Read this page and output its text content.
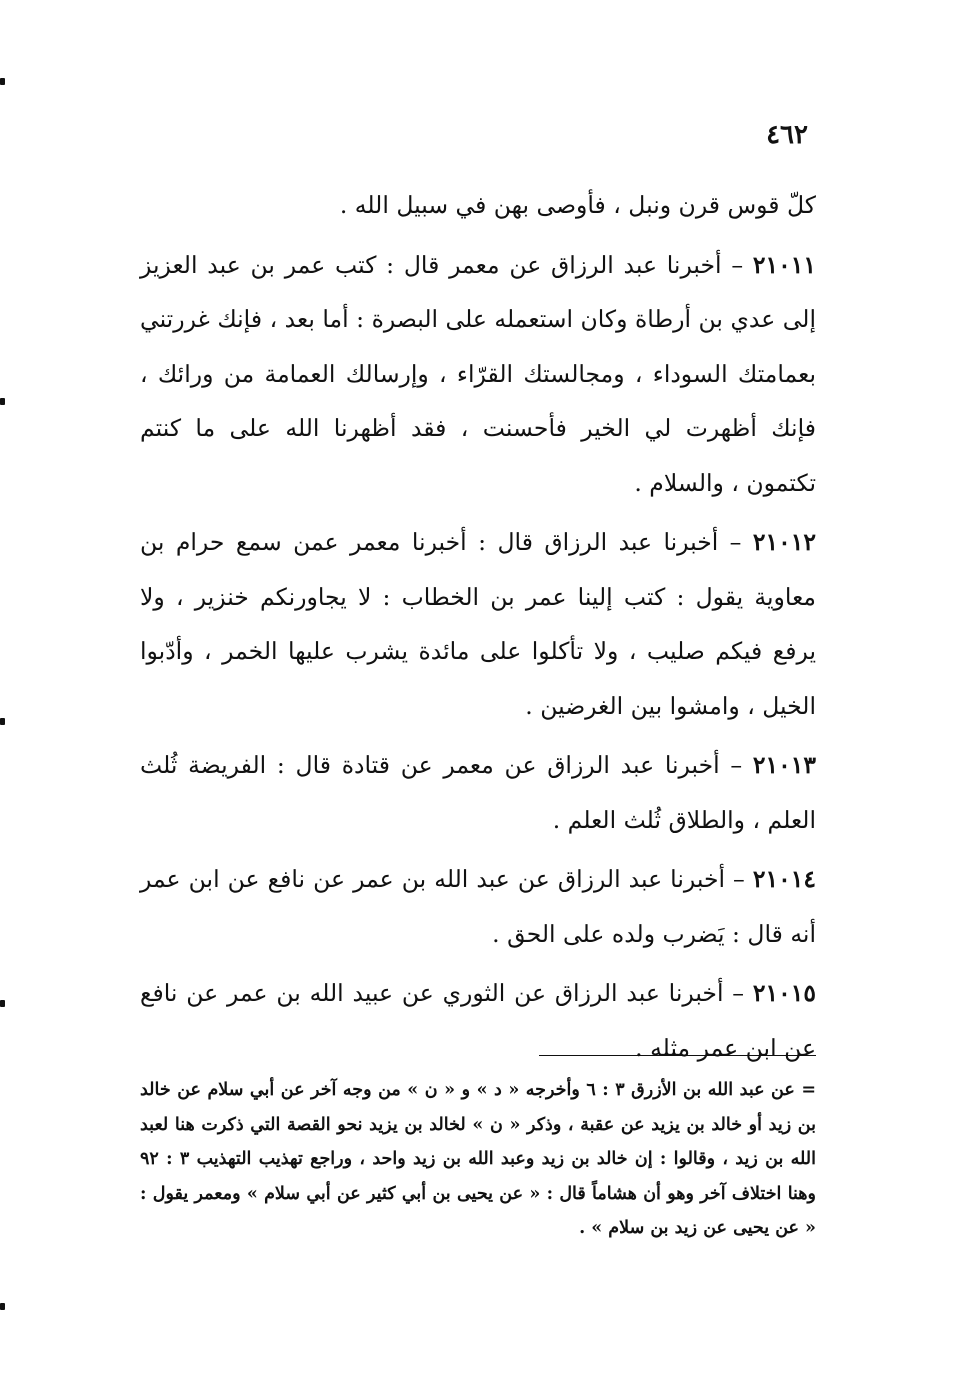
٤٦٢

كلّ قوس قرن ونبل ، فأوصى بهن في سبيل الله .

٢١٠١١ – أخبرنا عبد الرزاق عن معمر قال : كتب عمر بن عبد العزيز إلى عدي بن أرطاة وكان استعمله على البصرة : أما بعد ، فإنك غررتني بعمامتك السوداء ، ومجالستك القرّاء ، وإرسالك العمامة من ورائك ، فإنك أظهرت لي الخير فأحسنت ، فقد أظهرنا الله على ما كنتم تكتمون ، والسلام .

٢١٠١٢ – أخبرنا عبد الرزاق قال : أخبرنا معمر عمن سمع حرام بن معاوية يقول : كتب إلينا عمر بن الخطاب : لا يجاورنكم خنزير ، ولا يرفع فيكم صليب ، ولا تأكلوا على مائدة يشرب عليها الخمر ، وأدّبوا الخيل ، وامشوا بين الغرضين .

٢١٠١٣ – أخبرنا عبد الرزاق عن معمر عن قتادة قال : الفريضة ثُلث العلم ، والطلاق ثُلث العلم .

٢١٠١٤ – أخبرنا عبد الرزاق عن عبد الله بن عمر عن نافع عن ابن عمر أنه قال : يَضرب ولده على الحق .

٢١٠١٥ – أخبرنا عبد الرزاق عن الثوري عن عبيد الله بن عمر عن نافع عن ابن عمر مثله .

= عن عبد الله بن الأزرق ٣ : ٦ وأخرجه « د » و « ن » من وجه آخر عن أبي سلام عن خالد بن زيد أو خالد بن يزيد عن عقبة ، وذكر « ن » لخالد بن يزيد نحو القصة التي ذكرت هنا لعبد الله بن زيد ، وقالوا : إن خالد بن زيد وعبد الله بن زيد واحد ، وراجع تهذيب التهذيب ٣ : ٩٢ وهنا اختلاف آخر وهو أن هشاماً قال : « عن يحيى بن أبي كثير عن أبي سلام » ومعمر يقول : « عن يحيى عن زيد بن سلام » .
